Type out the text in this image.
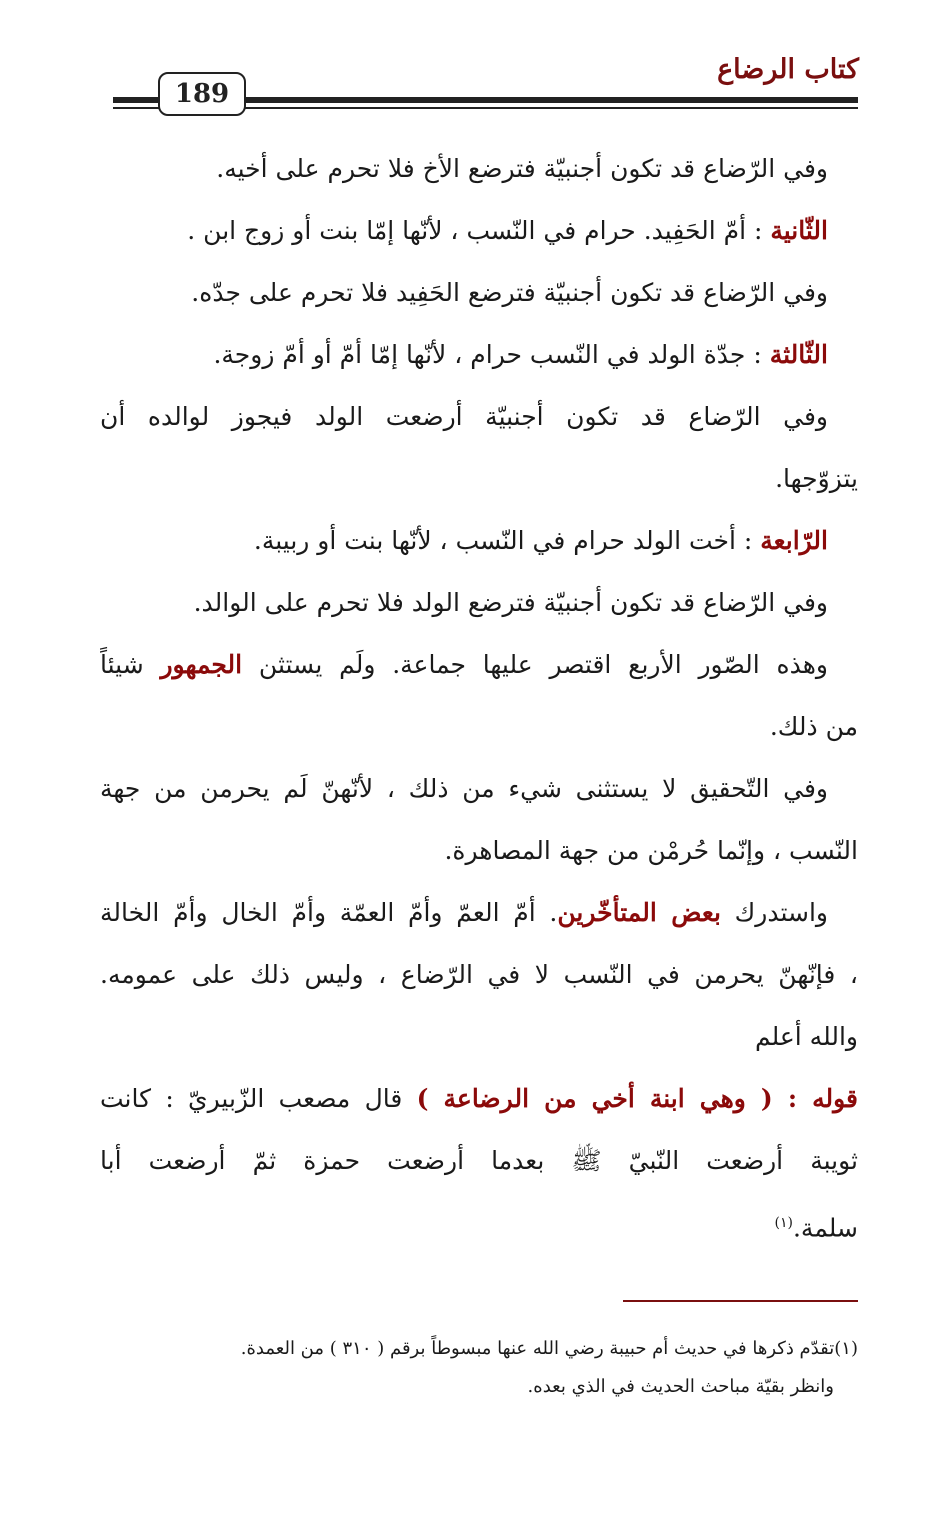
كتاب الرضاع
189
وفي الرّضاع قد تكون أجنبيّة فترضع الأخ فلا تحرم على أخيه.
الثّانية : أمّ الحَفِيد. حرام في النّسب ، لأنّها إمّا بنت أو زوج ابن .
وفي الرّضاع قد تكون أجنبيّة فترضع الحَفِيد فلا تحرم على جدّه.
الثّالثة : جدّة الولد في النّسب حرام ، لأنّها إمّا أمّ أو أمّ زوجة.
وفي الرّضاع قد تكون أجنبيّة أرضعت الولد فيجوز لوالده أن
يتزوّجها.
الرّابعة : أخت الولد حرام في النّسب ، لأنّها بنت أو ربيبة.
وفي الرّضاع قد تكون أجنبيّة فترضع الولد فلا تحرم على الوالد.
وهذه الصّور الأربع اقتصر عليها جماعة. ولَم يستثن الجمهور شيئاً
من ذلك.
وفي التّحقيق لا يستثنى شيء من ذلك ، لأنّهنّ لَم يحرمن من جهة
النّسب ، وإنّما حُرمْن من جهة المصاهرة.
واستدرك بعض المتأخّرين. أمّ العمّ وأمّ العمّة وأمّ الخال وأمّ الخالة
، فإنّهنّ يحرمن في النّسب لا في الرّضاع ، وليس ذلك على عمومه.
والله أعلم
قوله : ( وهي ابنة أخي من الرضاعة ) قال مصعب الزّبيريّ : كانت
ثويبة أرضعت النّبيّ ﷺ بعدما أرضعت حمزة ثمّ أرضعت أبا
سلمة.$^{(١)}$
(١)تقدّم ذكرها في حديث أم حبيبة رضي الله عنها مبسوطاً برقم ( ٣١٠ ) من العمدة.
وانظر بقيّة مباحث الحديث في الذي بعده.
